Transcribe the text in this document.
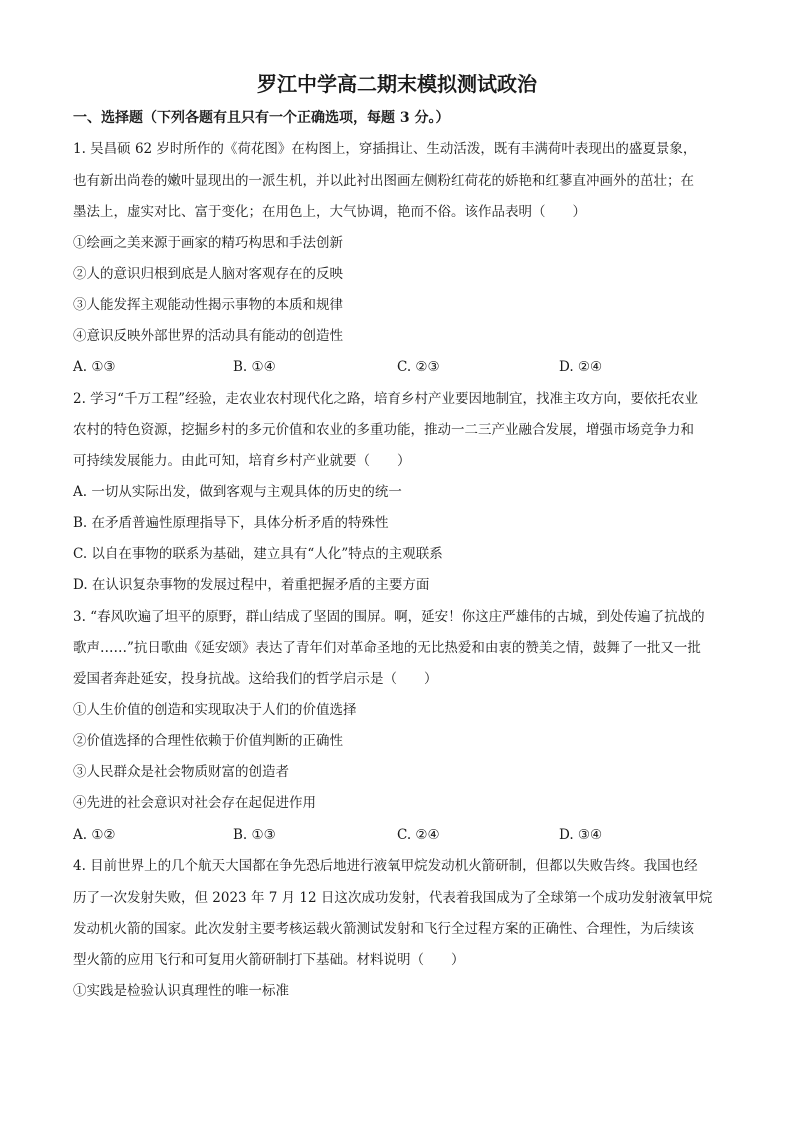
罗江中学高二期末模拟测试政治
一、选择题（下列各题有且只有一个正确选项，每题 3 分。）
1. 吴昌硕 62 岁时所作的《荷花图》在构图上，穿插揖让、生动活泼，既有丰满荷叶表现出的盛夏景象，
也有新出尚卷的嫩叶显现出的一派生机，并以此衬出图画左侧粉红荷花的娇艳和红蓼直冲画外的茁壮；在
墨法上，虚实对比、富于变化；在用色上，大气协调，艳而不俗。该作品表明（　　）
①绘画之美来源于画家的精巧构思和手法创新
②人的意识归根到底是人脑对客观存在的反映
③人能发挥主观能动性揭示事物的本质和规律
④意识反映外部世界的活动具有能动的创造性
A. ①③	B. ①④	C. ②③	D. ②④
2. 学习“千万工程”经验，走农业农村现代化之路，培育乡村产业要因地制宜，找准主攻方向，要依托农业
农村的特色资源，挖掘乡村的多元价值和农业的多重功能，推动一二三产业融合发展，增强市场竞争力和
可持续发展能力。由此可知，培育乡村产业就要（　　）
A. 一切从实际出发，做到客观与主观具体的历史的统一
B. 在矛盾普遍性原理指导下，具体分析矛盾的特殊性
C. 以自在事物的联系为基础，建立具有“人化”特点的主观联系
D. 在认识复杂事物的发展过程中，着重把握矛盾的主要方面
3. “春风吹遍了坦平的原野，群山结成了坚固的围屏。啊，延安！你这庄严雄伟的古城，到处传遍了抗战的
歌声……”抗日歌曲《延安颂》表达了青年们对革命圣地的无比热爱和由衷的赞美之情，鼓舞了一批又一批
爱国者奔赴延安，投身抗战。这给我们的哲学启示是（　　）
①人生价值的创造和实现取决于人们的价值选择
②价值选择的合理性依赖于价值判断的正确性
③人民群众是社会物质财富的创造者
④先进的社会意识对社会存在起促进作用
A. ①②	B. ①③	C. ②④	D. ③④
4. 目前世界上的几个航天大国都在争先恐后地进行液氧甲烷发动机火箭研制，但都以失败告终。我国也经
历了一次发射失败，但 2023 年 7 月 12 日这次成功发射，代表着我国成为了全球第一个成功发射液氧甲烷
发动机火箭的国家。此次发射主要考核运载火箭测试发射和飞行全过程方案的正确性、合理性，为后续该
型火箭的应用飞行和可复用火箭研制打下基础。材料说明（　　）
①实践是检验认识真理性的唯一标准
